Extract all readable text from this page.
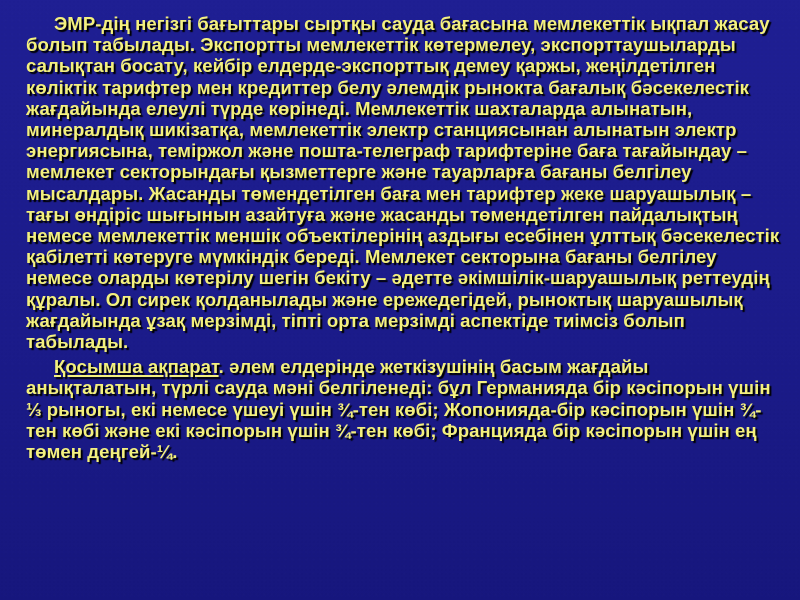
ЭМР-дің негізгі бағыттары сыртқы сауда бағасына мемлекеттік ықпал жасау болып табылады. Экспортты мемлекеттік көтермелеу, экспорттаушыларды салықтан босату, кейбір елдерде-экспорттық демеу қаржы, жеңілдетілген көліктік тарифтер мен кредиттер белу әлемдік рынокта бағалық бәсекелестік жағдайында елеулі түрде көрінеді. Мемлекеттік шахталарда алынатын, минералдық шикізатқа, мемлекеттік электр станциясынан алынатын электр энергиясына, теміржол және пошта-телеграф тарифтеріне баға тағайындау – мемлекет секторындағы қызметтерге және тауарларға бағаны белгілеу мысалдары. Жасанды төмендетілген баға мен тарифтер жеке шаруашылық – тағы өндіріс шығынын азайтуға және жасанды төмендетілген пайдалықтың немесе мемлекеттік меншік объектілерінің аздығы есебінен ұлттық бәсекелестік қабілетті көтеруге мүмкіндік береді. Мемлекет секторына бағаны белгілеу немесе оларды көтерілу шегін бекіту – әдетте әкімшілік-шаруашылық реттеудің құралы. Ол сирек қолданылады және ережедегідей, рыноктық шаруашылық жағдайында ұзақ мерзімді, тіпті орта мерзімді аспектіде тиімсіз болып табылады.

Қосымша ақпарат. әлем елдерінде жеткізушінің басым жағдайы анықталатын, түрлі сауда мәні белгіленеді: бұл Германияда бір кәсіпорын үшін ⅓ рыногы, екі немесе үшеуі үшін ¾-тен көбі; Жопонияда-бір кәсіпорын үшін ¾-тен көбі және екі кәсіпорын үшін ¾-тен көбі; Францияда бір кәсіпорын үшін ең төмен деңгей-¼.
